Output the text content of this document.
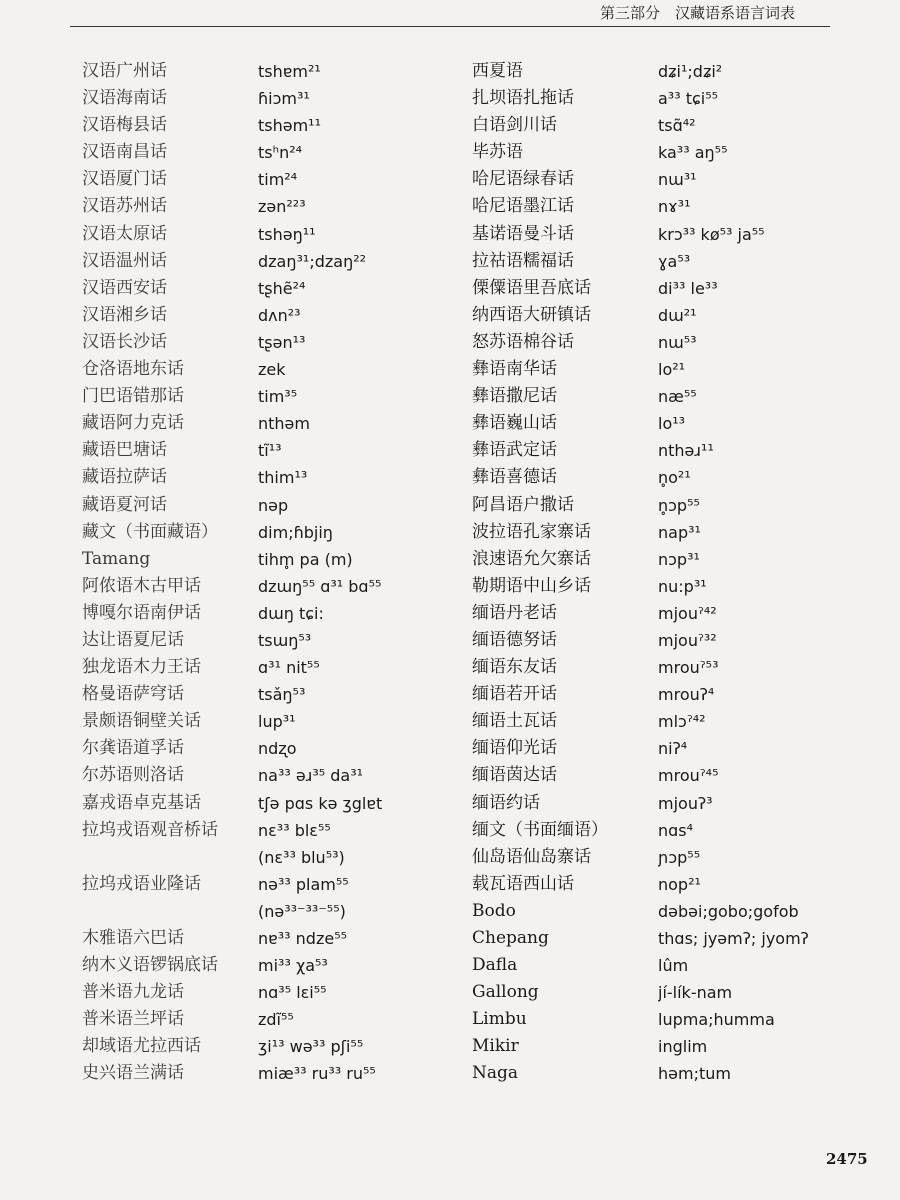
第三部分　汉藏语系语言词表
汉语广州话
汉语海南话
汉语梅县话
汉语南昌话
汉语厦门话
汉语苏州话
汉语太原话
汉语温州话
汉语西安话
汉语湘乡话
汉语长沙话
仓洛语地东话
门巴语错那话
藏语阿力克话
藏语巴塘话
藏语拉萨话
藏语夏河话
藏文（书面藏语）
Tamang
阿侬语木古甲话
博嘎尔语南伊话
达让语夏尼话
独龙语木力王话
格曼语萨穹话
景颇语铜壁关话
尔龚语道孚话
尔苏语则洛话
嘉戎语卓克基话
拉坞戎语观音桥话
拉坞戎语业隆话
木雅语六巴话
纳木义语锣锅底话
普米语九龙话
普米语兰坪话
却域语尤拉西话
史兴语兰满话
tshɐm²¹
ɦiɔm³¹
tshəm¹¹
tsʰn²⁴
tim²⁴
zən²²³
tshəŋ¹¹
dzaŋ³¹;dzaŋ²²
tʂhẽ²⁴
dʌn²³
tʂən¹³
zek
tim³⁵
nthəm
tĩ¹³
thim¹³
nəp
dim;ɦbjiŋ
tihm̥ pa (m)
dzɯŋ⁵⁵ ɑ³¹ bɑ⁵⁵
dɯŋ tɕi:
tsɯŋ⁵³
ɑ³¹ nit⁵⁵
tsǎŋ⁵³
lup³¹
ndʐo
na³³ əɹ³⁵ da³¹
tʃə pɑs kə ʒglɐt
nɛ³³ blɛ⁵⁵
(nɛ³³ blu⁵³)
nə³³ plam⁵⁵
(nə³³⁻³³⁻⁵⁵)
nɐ³³ ndze⁵⁵
mi³³ χa⁵³
nɑ³⁵ lɛi⁵⁵
zdĩ⁵⁵
ʒi¹³ wə³³ pʃi⁵⁵
miæ³³ ru³³ ru⁵⁵
西夏语
扎坝语扎拖话
白语剑川话
毕苏语
哈尼语绿春话
哈尼语墨江话
基诺语曼斗话
拉祜语糯福话
傈僳语里吾底话
纳西语大研镇话
怒苏语棉谷话
彝语南华话
彝语撒尼话
彝语巍山话
彝语武定话
彝语喜德话
阿昌语户撒话
波拉语孔家寨话
浪速语允欠寨话
勒期语中山乡话
缅语丹老话
缅语德努话
缅语东友话
缅语若开话
缅语土瓦话
缅语仰光话
缅语茵达话
缅语约话
缅文（书面缅语）
仙岛语仙岛寨话
载瓦语西山话
Bodo
Chepang
Dafla
Gallong
Limbu
Mikir
Naga
dʑi¹;dʑi²
a³³ tɕi⁵⁵
tsɑ̃⁴²
ka³³ aŋ⁵⁵
nɯ³¹
nɤ³¹
krɔ³³ kø⁵³ ja⁵⁵
ɣa⁵³
di³³ le³³
dɯ²¹
nɯ⁵³
lo²¹
næ⁵⁵
lo¹³
nthəɹ¹¹
n̥o²¹
n̥ɔp⁵⁵
nap³¹
nɔp³¹
nu:p³¹
mjouˀ⁴²
mjouˀ³²
mrouˀ⁵³
mrouʔ⁴
mlɔˀ⁴²
niʔ⁴
mrouˀ⁴⁵
mjouʔ³
nɑs⁴
ɲɔp⁵⁵
nop²¹
dəbəi;gobo;gofob
thɑs; jyəmʔ; jyomʔ
lûm
jí-lík-nam
lupma;humma
inglim
həm;tum
2475
